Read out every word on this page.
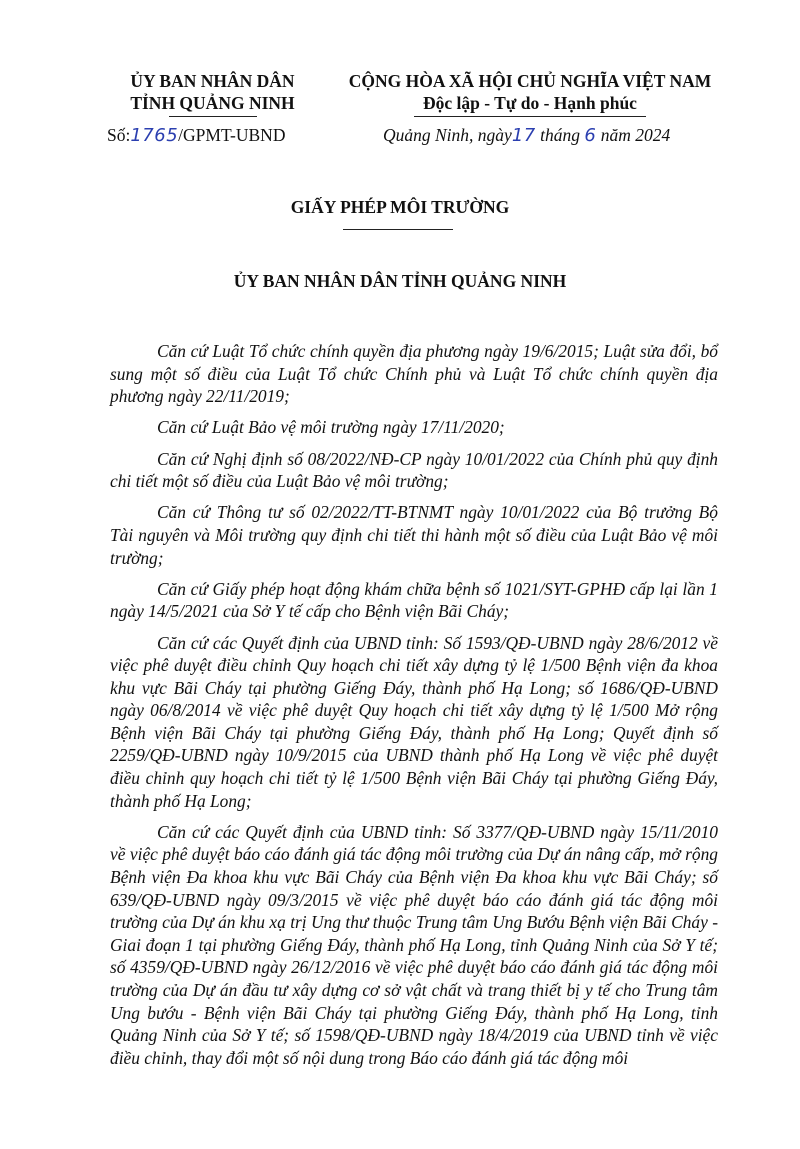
ỦY BAN NHÂN DÂN
TỈNH QUẢNG NINH
CỘNG HÒA XÃ HỘI CHỦ NGHĨA VIỆT NAM
Độc lập - Tự do - Hạnh phúc
Số:1765/GPMT-UBND	Quảng Ninh, ngày17 tháng 6 năm 2024
GIẤY PHÉP MÔI TRƯỜNG
ỦY BAN NHÂN DÂN TỈNH QUẢNG NINH

Căn cứ Luật Tổ chức chính quyền địa phương ngày 19/6/2015; Luật sửa đổi, bổ sung một số điều của Luật Tổ chức Chính phủ và Luật Tổ chức chính quyền địa phương ngày 22/11/2019;

Căn cứ Luật Bảo vệ môi trường ngày 17/11/2020;

Căn cứ Nghị định số 08/2022/NĐ-CP ngày 10/01/2022 của Chính phủ quy định chi tiết một số điều của Luật Bảo vệ môi trường;

Căn cứ Thông tư số 02/2022/TT-BTNMT ngày 10/01/2022 của Bộ trưởng Bộ Tài nguyên và Môi trường quy định chi tiết thi hành một số điều của Luật Bảo vệ môi trường;

Căn cứ Giấy phép hoạt động khám chữa bệnh số 1021/SYT-GPHĐ cấp lại lần 1 ngày 14/5/2021 của Sở Y tế cấp cho Bệnh viện Bãi Cháy;

Căn cứ các Quyết định của UBND tỉnh: Số 1593/QĐ-UBND ngày 28/6/2012 về việc phê duyệt điều chỉnh Quy hoạch chi tiết xây dựng tỷ lệ 1/500 Bệnh viện đa khoa khu vực Bãi Cháy tại phường Giếng Đáy, thành phố Hạ Long; số 1686/QĐ-UBND ngày 06/8/2014 về việc phê duyệt Quy hoạch chi tiết xây dựng tỷ lệ 1/500 Mở rộng Bệnh viện Bãi Cháy tại phường Giếng Đáy, thành phố Hạ Long; Quyết định số 2259/QĐ-UBND ngày 10/9/2015 của UBND thành phố Hạ Long về việc phê duyệt điều chỉnh quy hoạch chi tiết tỷ lệ 1/500 Bệnh viện Bãi Cháy tại phường Giếng Đáy, thành phố Hạ Long;

Căn cứ các Quyết định của UBND tỉnh: Số 3377/QĐ-UBND ngày 15/11/2010 về việc phê duyệt báo cáo đánh giá tác động môi trường của Dự án nâng cấp, mở rộng Bệnh viện Đa khoa khu vực Bãi Cháy của Bệnh viện Đa khoa khu vực Bãi Cháy; số 639/QĐ-UBND ngày 09/3/2015 về việc phê duyệt báo cáo đánh giá tác động môi trường của Dự án khu xạ trị Ung thư thuộc Trung tâm Ung Bướu Bệnh viện Bãi Cháy - Giai đoạn 1 tại phường Giếng Đáy, thành phố Hạ Long, tỉnh Quảng Ninh của Sở Y tế; số 4359/QĐ-UBND ngày 26/12/2016 về việc phê duyệt báo cáo đánh giá tác động môi trường của Dự án đầu tư xây dựng cơ sở vật chất và trang thiết bị y tế cho Trung tâm Ung bướu - Bệnh viện Bãi Cháy tại phường Giếng Đáy, thành phố Hạ Long, tỉnh Quảng Ninh của Sở Y tế; số 1598/QĐ-UBND ngày 18/4/2019 của UBND tỉnh về việc điều chỉnh, thay đổi một số nội dung trong Báo cáo đánh giá tác động môi
